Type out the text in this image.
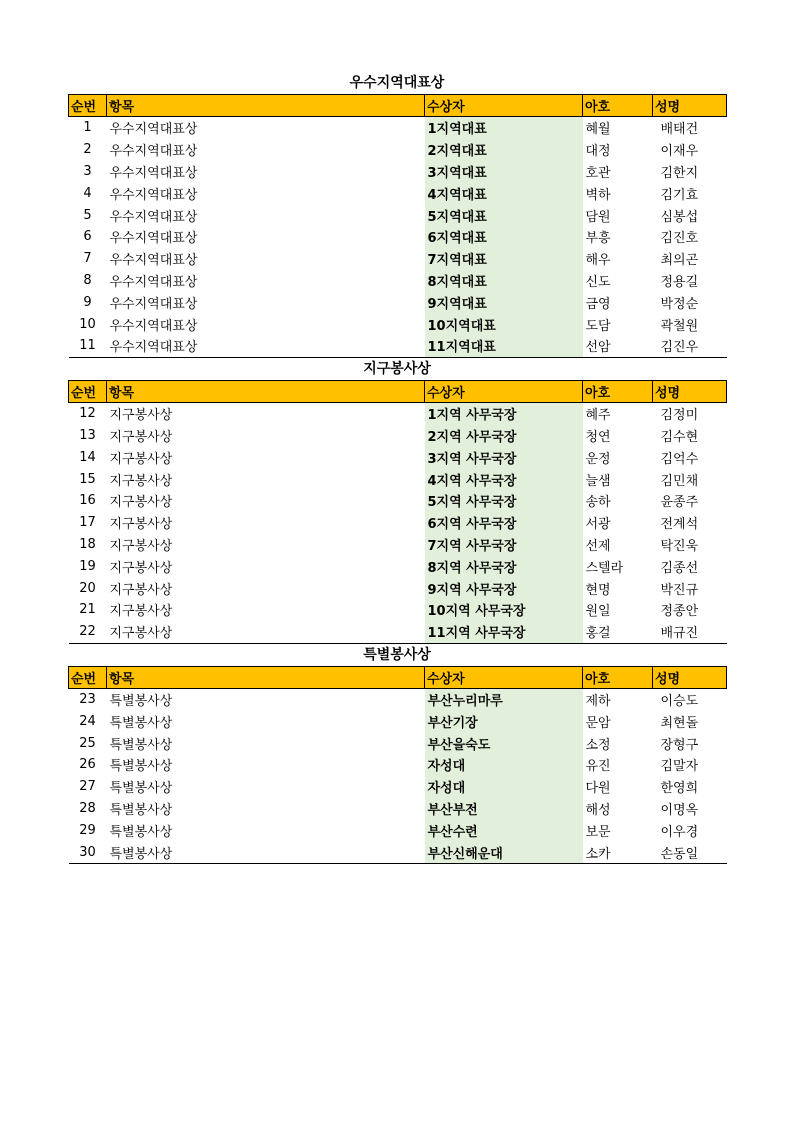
우수지역대표상
순번	항목	수상자	아호	성명
1	우수지역대표상	1지역대표	혜월	배태건
2	우수지역대표상	2지역대표	대정	이재우
3	우수지역대표상	3지역대표	호관	김한지
4	우수지역대표상	4지역대표	벽하	김기효
5	우수지역대표상	5지역대표	담원	심봉섭
6	우수지역대표상	6지역대표	부흥	김진호
7	우수지역대표상	7지역대표	해우	최의곤
8	우수지역대표상	8지역대표	신도	정용길
9	우수지역대표상	9지역대표	금영	박정순
10	우수지역대표상	10지역대표	도담	곽철원
11	우수지역대표상	11지역대표	선암	김진우
지구봉사상
순번	항목	수상자	아호	성명
12	지구봉사상	1지역 사무국장	혜주	김정미
13	지구봉사상	2지역 사무국장	청연	김수현
14	지구봉사상	3지역 사무국장	운정	김억수
15	지구봉사상	4지역 사무국장	늘샘	김민채
16	지구봉사상	5지역 사무국장	송하	윤종주
17	지구봉사상	6지역 사무국장	서광	전계석
18	지구봉사상	7지역 사무국장	선제	탁진욱
19	지구봉사상	8지역 사무국장	스텔라	김종선
20	지구봉사상	9지역 사무국장	현명	박진규
21	지구봉사상	10지역 사무국장	원일	정종안
22	지구봉사상	11지역 사무국장	홍걸	배규진
특별봉사상
순번	항목	수상자	아호	성명
23	특별봉사상	부산누리마루	제하	이승도
24	특별봉사상	부산기장	문암	최현돌
25	특별봉사상	부산을숙도	소정	장형구
26	특별봉사상	자성대	유진	김말자
27	특별봉사상	자성대	다원	한영희
28	특별봉사상	부산부전	해성	이명옥
29	특별봉사상	부산수련	보문	이우경
30	특별봉사상	부산신해운대	소카	손동일
